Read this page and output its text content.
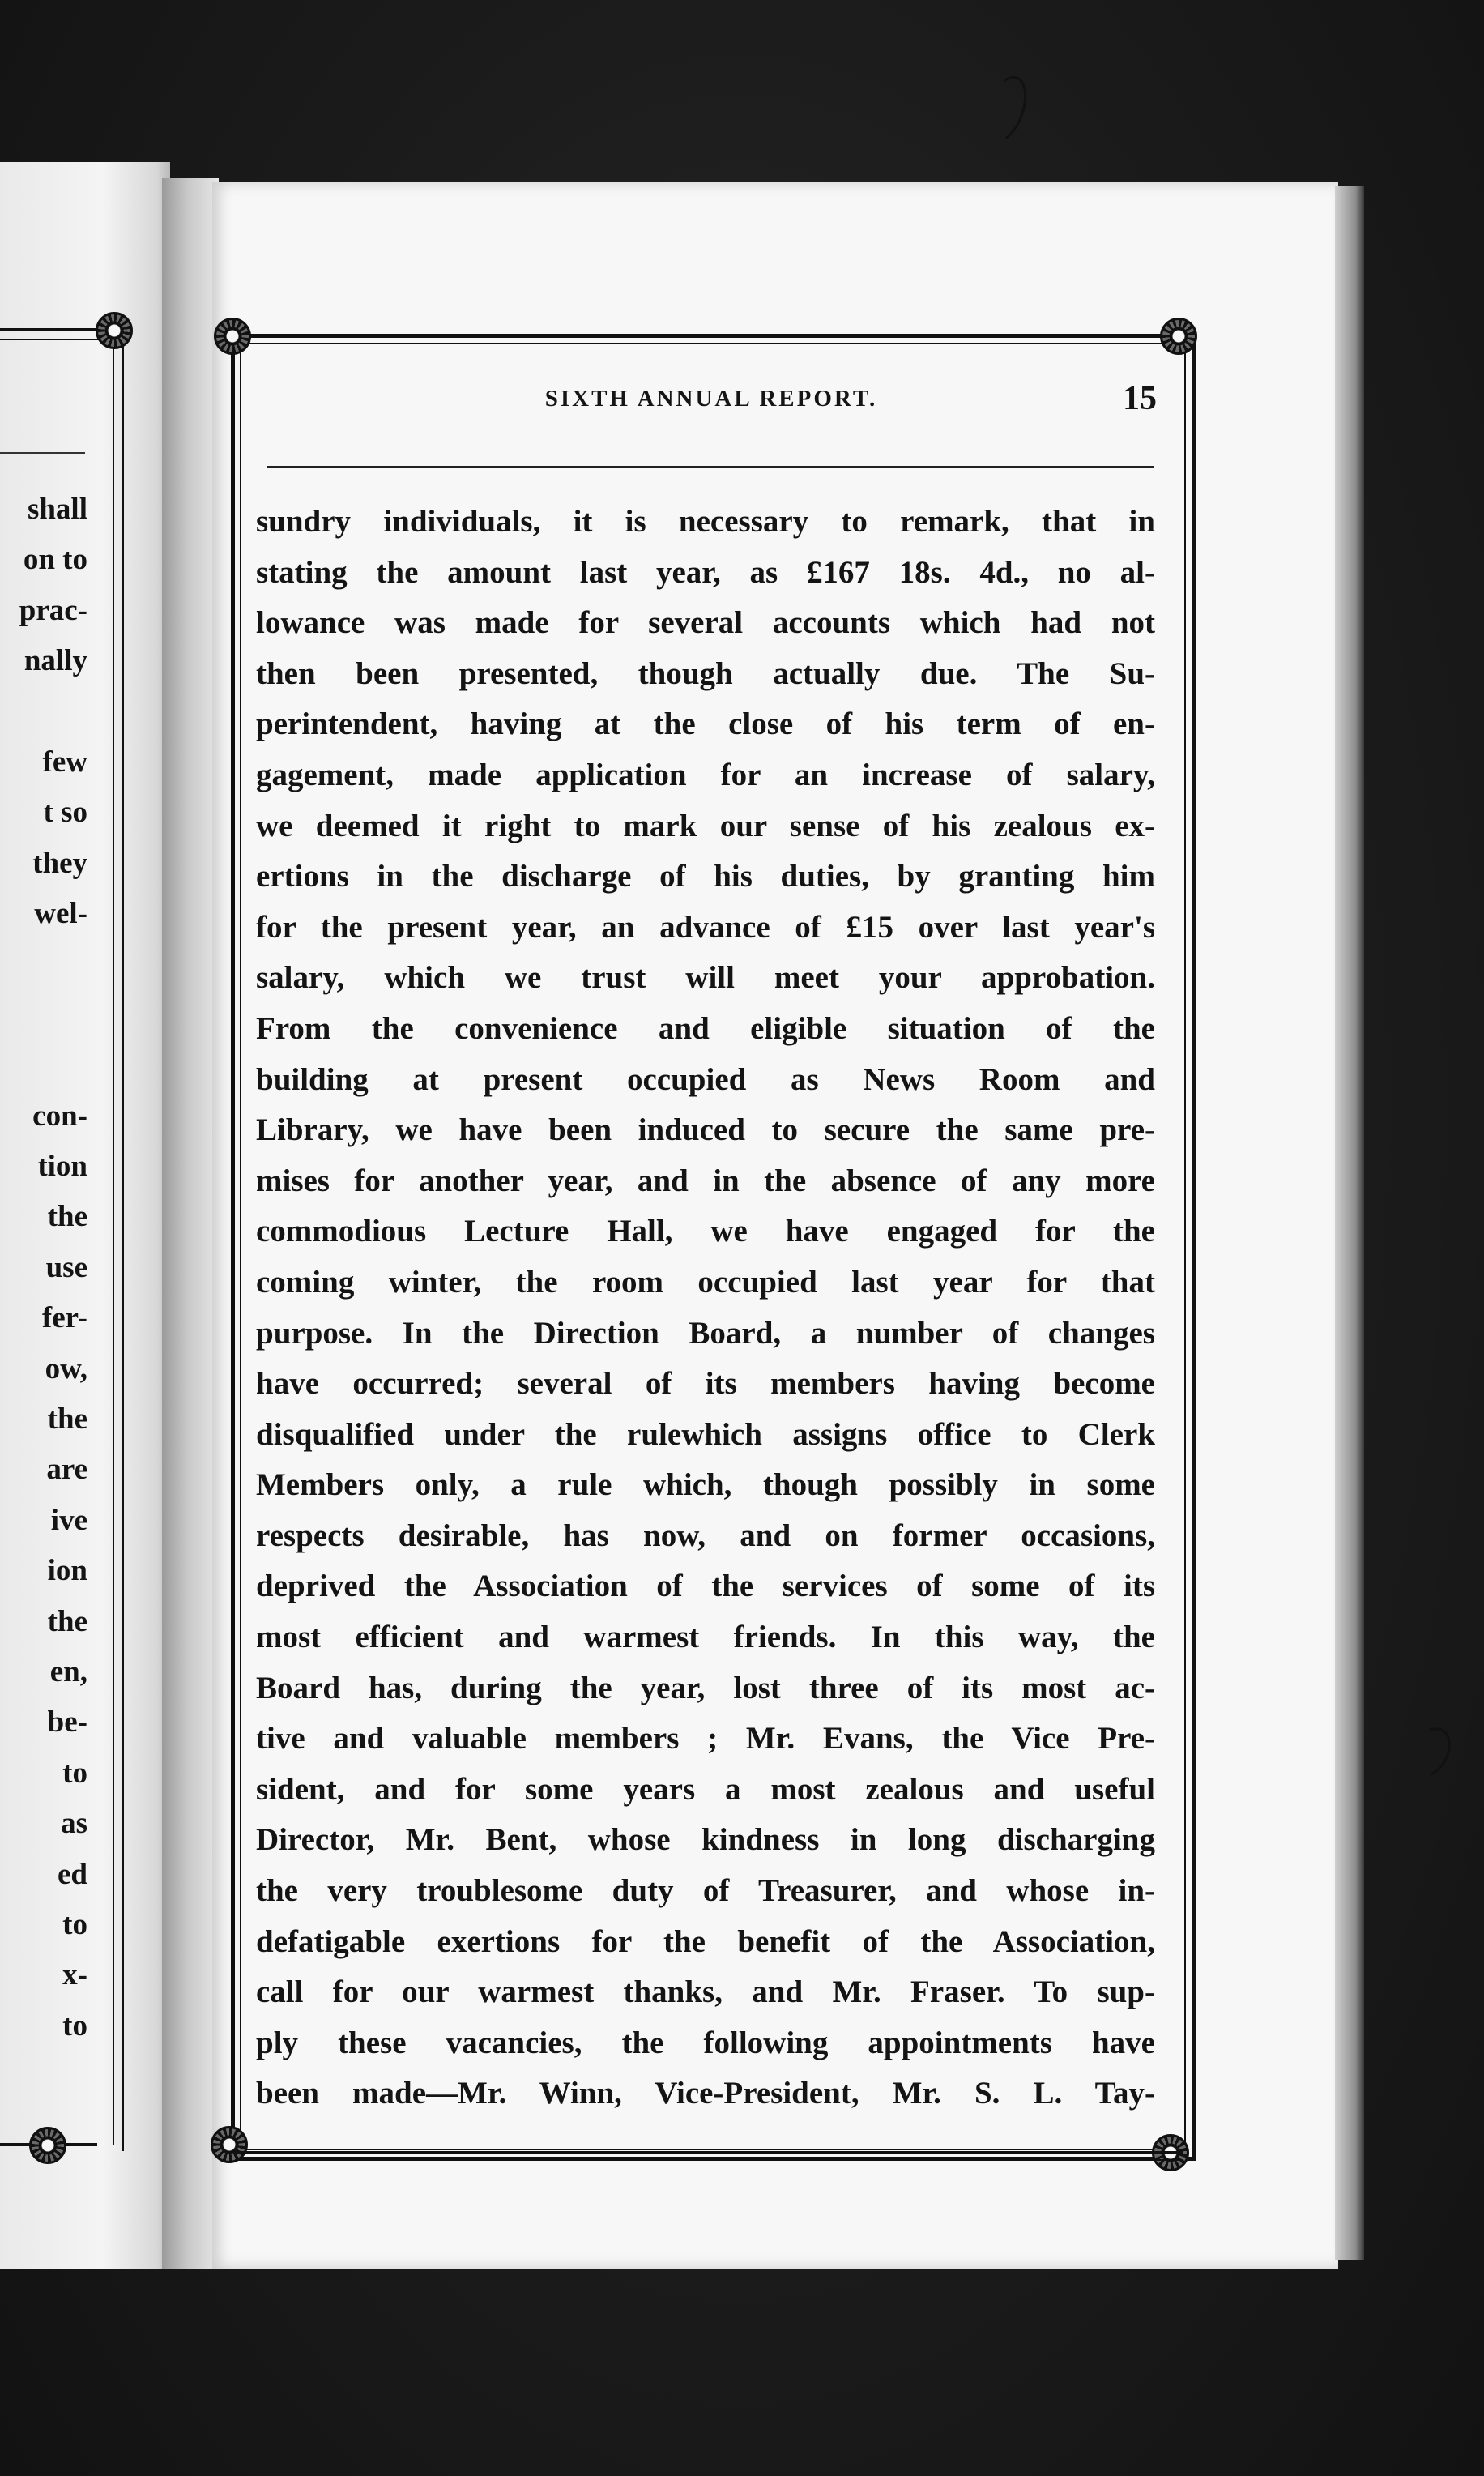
shall
on to
prac-
nally
few
t so
they
wel-
con-
tion
the
use
fer-
ow,
the
are
ive
ion
the
en,
be-
to
as
ed
to
x-
to
SIXTH ANNUAL REPORT.	15
sundry individuals, it is necessary to remark, that in
stating the amount last year, as £167 18s. 4d., no al-
lowance was made for several accounts which had not
then been presented, though actually due. The Su-
perintendent, having at the close of his term of en-
gagement, made application for an increase of salary,
we deemed it right to mark our sense of his zealous ex-
ertions in the discharge of his duties, by granting him
for the present year, an advance of £15 over last year's
salary, which we trust will meet your approbation.
From the convenience and eligible situation of the
building at present occupied as News Room and
Library, we have been induced to secure the same pre-
mises for another year, and in the absence of any more
commodious Lecture Hall, we have engaged for the
coming winter, the room occupied last year for that
purpose. In the Direction Board, a number of changes
have occurred; several of its members having become
disqualified under the rulewhich assigns office to Clerk
Members only, a rule which, though possibly in some
respects desirable, has now, and on former occasions,
deprived the Association of the services of some of its
most efficient and warmest friends. In this way, the
Board has, during the year, lost three of its most ac-
tive and valuable members ; Mr. Evans, the Vice Pre-
sident, and for some years a most zealous and useful
Director, Mr. Bent, whose kindness in long discharging
the very troublesome duty of Treasurer, and whose in-
defatigable exertions for the benefit of the Association,
call for our warmest thanks, and Mr. Fraser. To sup-
ply these vacancies, the following appointments have
been made—Mr. Winn, Vice-President, Mr. S. L. Tay-
